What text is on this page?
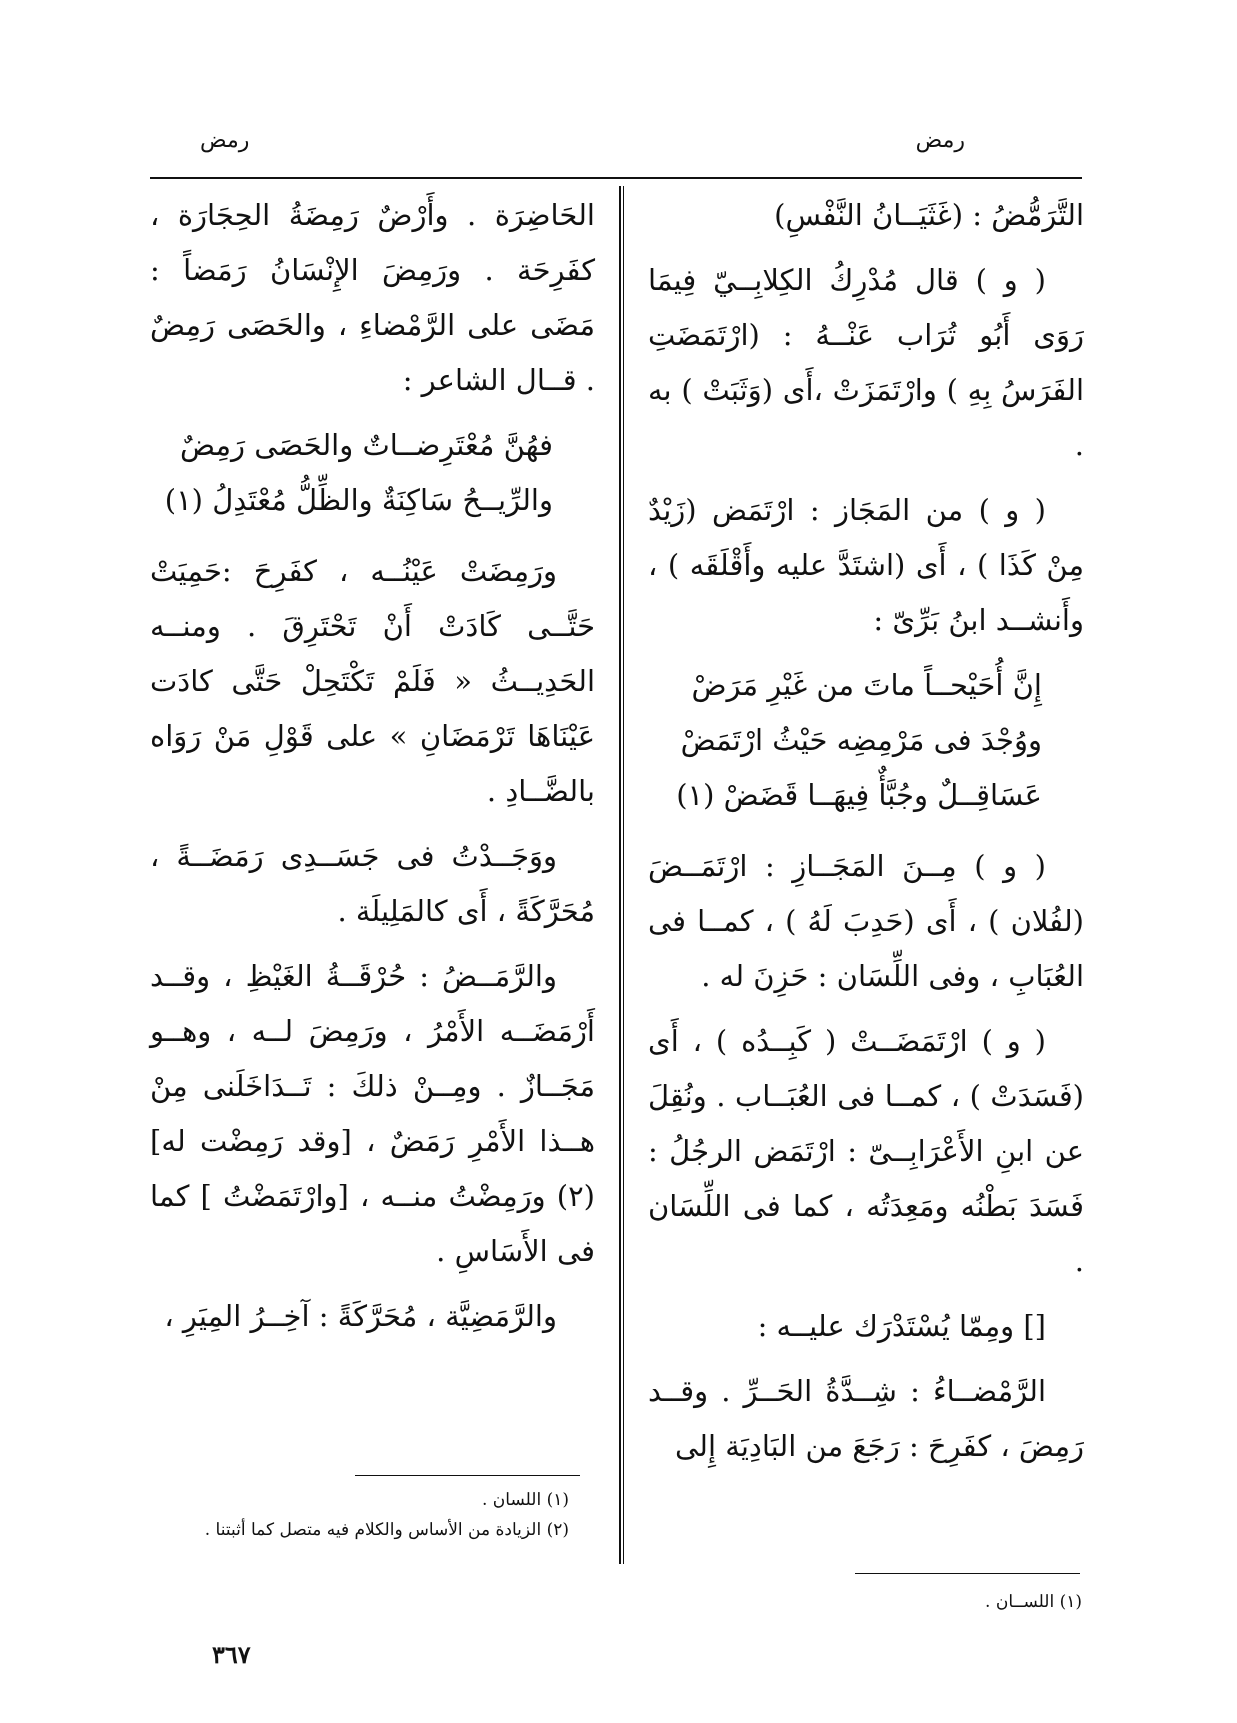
رمض
رمض

التَّرَمُّضُ : (غَثَيَــانُ النَّفْسِ)

( و ) قال مُدْرِكُ الكِلابِــيّ فِيمَا رَوَى أَبُو تُرَاب عَنْــهُ : (ارْتَمَضَتِ الفَرَسُ بِهِ ) وارْتَمَزَتْ ،أَى (وَثَبَتْ ) به .

( و ) من المَجَاز : ارْتَمَض (زَيْدٌ مِنْ كَذَا ) ، أَى (اشتَدَّ عليه وأَقْلَقَه ) ، وأَنشــد ابنُ بَرِّىّ :

إِنَّ أُحَيْحــاً ماتَ من غَيْرِ مَرَضْ
ووُجْدَ فى مَرْمِضِه حَيْثُ ارْتَمَضْ
عَسَاقِــلٌ وجُبَّأٌ فِيهَــا قَضَضْ (١)

( و ) مِــنَ المَجَــازِ : ارْتَمَــضَ (لفُلان ) ، أَى (حَدِبَ لَهُ ) ، كمــا فى العُبَابِ ، وفى اللِّسَان : حَزِنَ له .

( و ) ارْتَمَضَــتْ ( كَبِــدُه ) ، أَى (فَسَدَتْ ) ، كمــا فى العُبَــاب . ونُقِلَ عن ابنِ الأَعْرَابِــىّ : ارْتَمَض الرجُلُ : فَسَدَ بَطْنُه ومَعِدَتُه ، كما فى اللِّسَان .

[] ومِمّا يُسْتَدْرَك عليــه :

الرَّمْضــاءُ : شِــدَّةُ الحَــرِّ . وقــد رَمِضَ ، كفَرِحَ : رَجَعَ من البَادِيَة إِلى

الحَاضِرَة . وأَرْضٌ رَمِضَةُ الحِجَارَة ، كفَرِحَة . ورَمِضَ الإِنْسَانُ رَمَضاً : مَضَى على الرَّمْضاءِ ، والحَصَى رَمِضٌ . قــال الشاعر :

فهُنَّ مُعْتَرِضــاتٌ والحَصَى رَمِضٌ
والرِّيــحُ سَاكِنَةٌ والظِّلُّ مُعْتَدِلُ (١)

ورَمِضَتْ عَيْنُــه ، كفَرِحَ :حَمِيَتْ حَتَّــى كَادَتْ أَنْ تَحْتَرِقَ . ومنــه الحَدِيــثُ « فَلَمْ تَكْتَحِلْ حَتَّى كادَت عَيْنَاهَا تَرْمَضَانِ » على قَوْلِ مَنْ رَوَاه بالضَّــادِ .

ووَجَــدْتُ فى جَسَــدِى رَمَضَــةً ، مُحَرَّكَةً ، أَى كالمَلِيلَة .

والرَّمَــضُ : حُرْقَــةُ الغَيْظِ ، وقــد أَرْمَضَــه الأَمْرُ ، ورَمِضَ لــه ، وهــو مَجَــازٌ . ومِــنْ ذلكَ : تَــدَاخَلَنى مِنْ هــذا الأَمْرِ رَمَضٌ ، [وقد رَمِضْت له] (٢) ورَمِضْتُ منــه ، [وارْتَمَضْتُ ] كما فى الأَسَاسِ .

والرَّمَضِيَّة ، مُحَرَّكَةً : آخِــرُ المِيَرِ ،

(١) اللسان .
(٢) الزيادة من الأساس والكلام فيه متصل كما أثبتنا .
(١) اللســان .
٣٦٧
